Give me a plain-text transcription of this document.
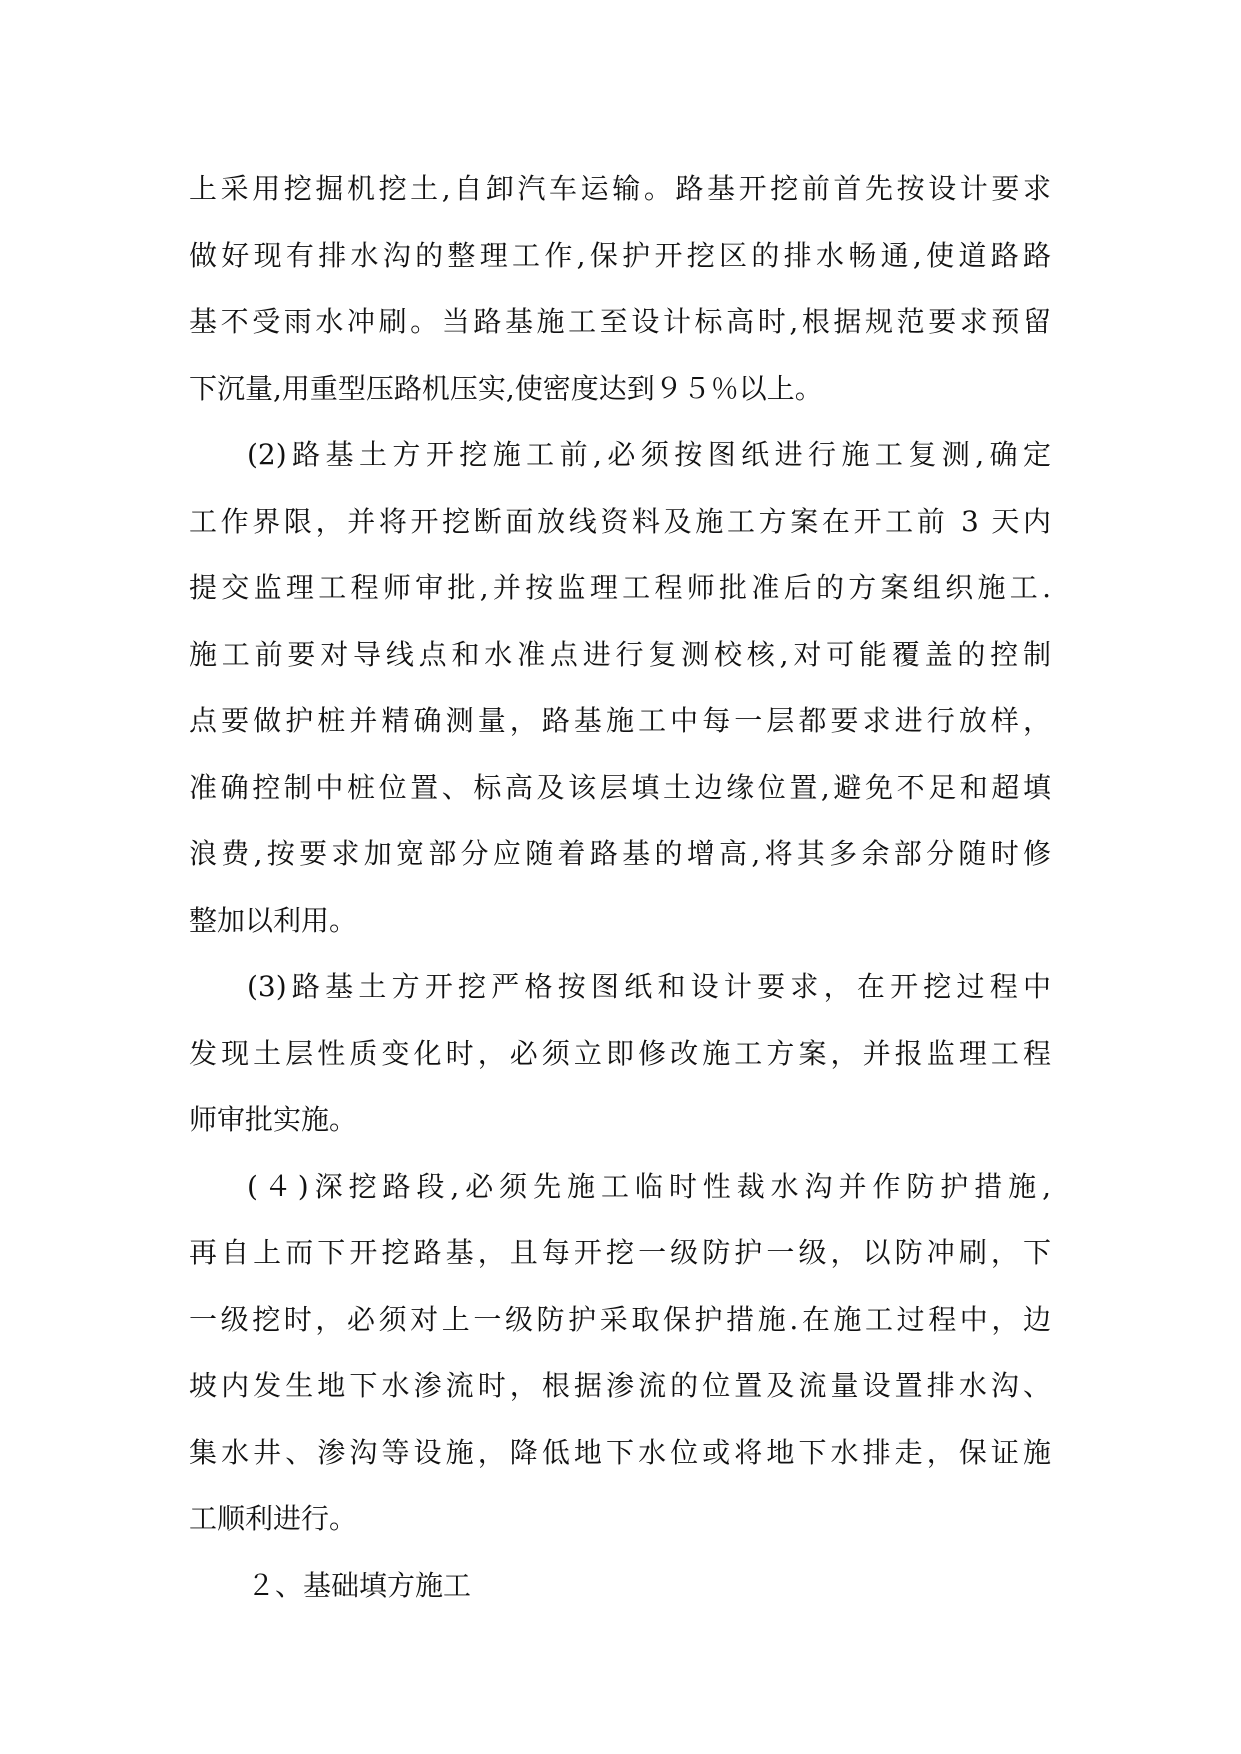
上采用挖掘机挖土,自卸汽车运输。路基开挖前首先按设计要求
做好现有排水沟的整理工作,保护开挖区的排水畅通,使道路路
基不受雨水冲刷。当路基施工至设计标高时,根据规范要求预留
下沉量,用重型压路机压实,使密度达到９５％以上。
(2)路基土方开挖施工前,必须按图纸进行施工复测,确定
工作界限，并将开挖断面放线资料及施工方案在开工前 3 天内
提交监理工程师审批,并按监理工程师批准后的方案组织施工.
施工前要对导线点和水准点进行复测校核,对可能覆盖的控制
点要做护桩并精确测量，路基施工中每一层都要求进行放样，
准确控制中桩位置、标高及该层填土边缘位置,避免不足和超填
浪费,按要求加宽部分应随着路基的增高,将其多余部分随时修
整加以利用。
(3)路基土方开挖严格按图纸和设计要求，在开挖过程中
发现土层性质变化时，必须立即修改施工方案，并报监理工程
师审批实施。
(４)深挖路段,必须先施工临时性裁水沟并作防护措施,
再自上而下开挖路基，且每开挖一级防护一级，以防冲刷，下
一级挖时，必须对上一级防护采取保护措施.在施工过程中，边
坡内发生地下水渗流时，根据渗流的位置及流量设置排水沟、
集水井、渗沟等设施，降低地下水位或将地下水排走，保证施
工顺利进行。
２、基础填方施工
